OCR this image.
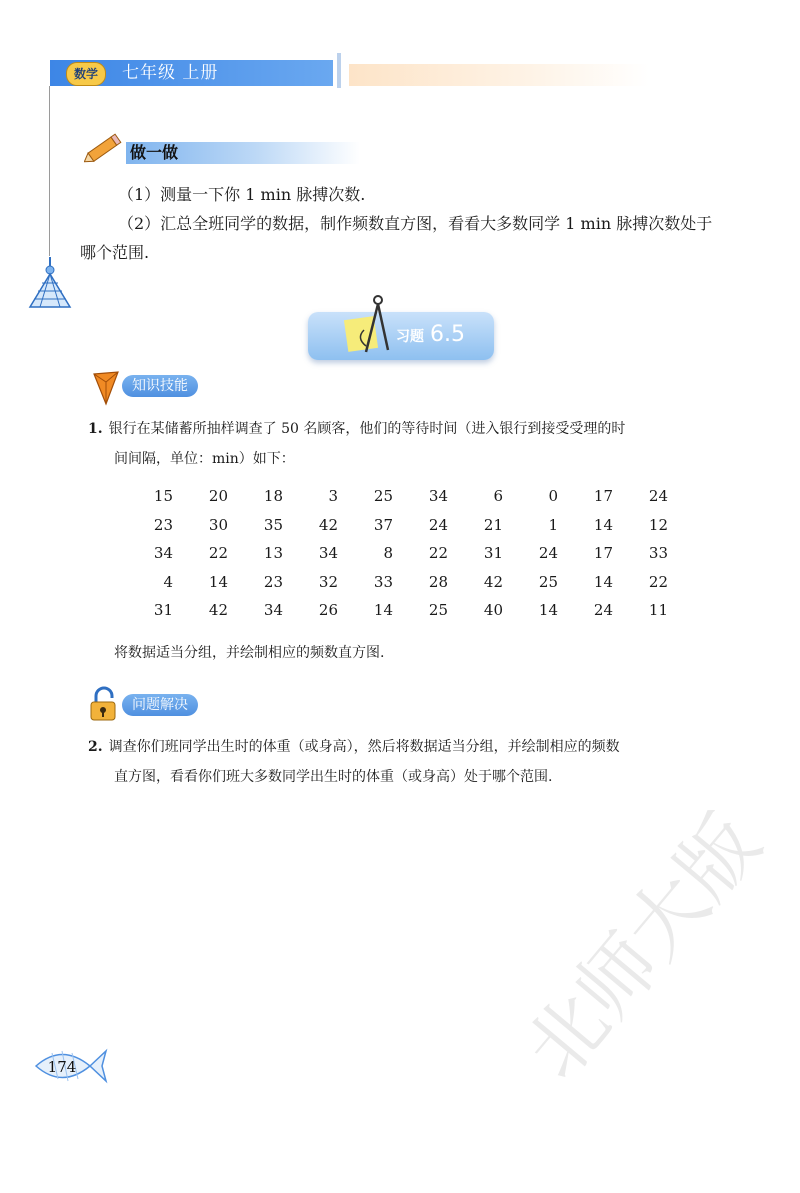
数学	七年级 上册
做一做
（1）测量一下你 1 min 脉搏次数.
（2）汇总全班同学的数据，制作频数直方图，看看大多数同学 1 min 脉搏次数处于哪个范围.
习题 6.5
知识技能
1. 银行在某储蓄所抽样调查了 50 名顾客，他们的等待时间（进入银行到接受受理的时
间间隔，单位：min）如下：
15	20	18	3	25	34	6	0	17	24
23	30	35	42	37	24	21	1	14	12
34	22	13	34	8	22	31	24	17	33
4	14	23	32	33	28	42	25	14	22
31	42	34	26	14	25	40	14	24	11
将数据适当分组，并绘制相应的频数直方图.
问题解决
2. 调查你们班同学出生时的体重（或身高），然后将数据适当分组，并绘制相应的频数
直方图，看看你们班大多数同学出生时的体重（或身高）处于哪个范围.
174	北师大版
